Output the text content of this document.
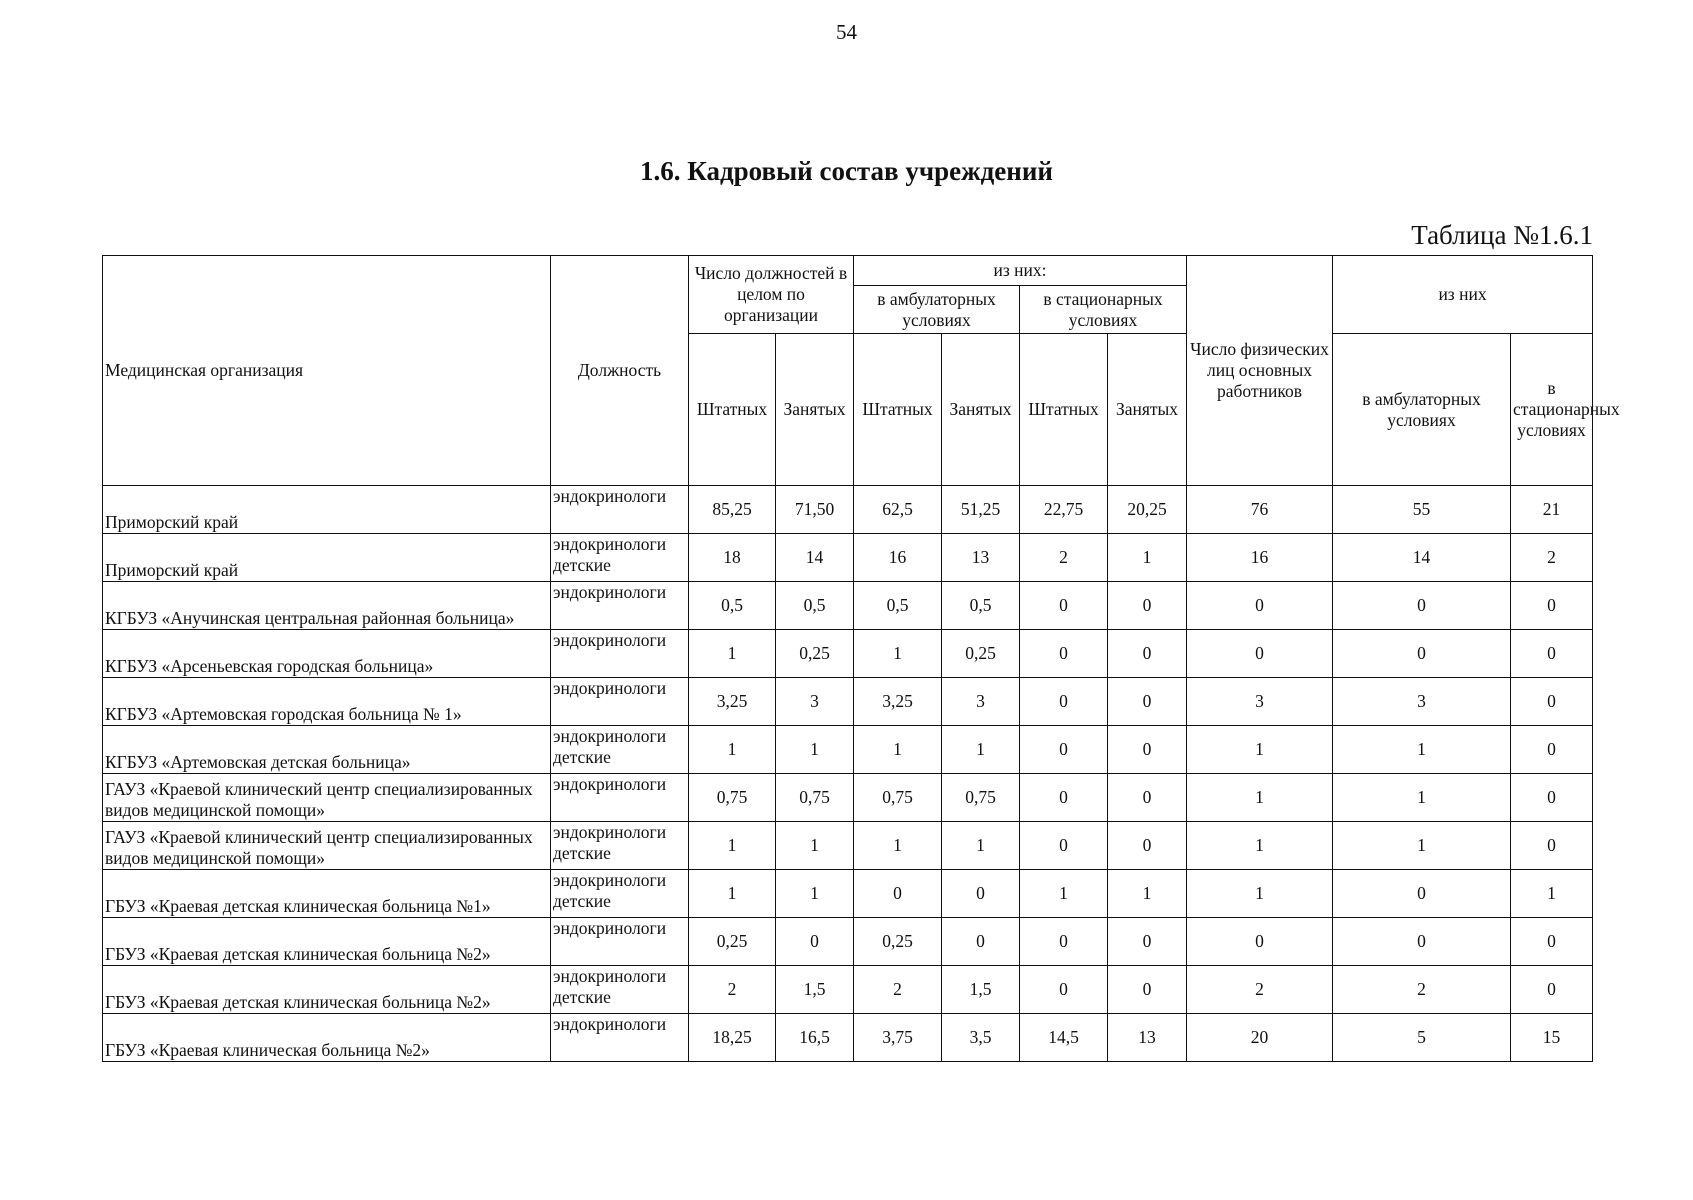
54
1.6. Кадровый состав учреждений
Таблица №1.6.1
Медицинская организация	Должность	Число должностей в целом по организации		из них:				Число физических лиц основных работников	из них	
				в амбулаторных условиях		в стационарных условиях				
		Штатных	Занятых	Штатных	Занятых	Штатных	Занятых		в амбулаторных условиях	в стационарных условиях
Приморский край	эндокринологи	85,25	71,50	62,5	51,25	22,75	20,25	76	55	21
Приморский край	эндокринологи детские	18	14	16	13	2	1	16	14	2
КГБУЗ «Анучинская центральная районная больница»	эндокринологи	0,5	0,5	0,5	0,5	0	0	0	0	0
КГБУЗ «Арсеньевская городская больница»	эндокринологи	1	0,25	1	0,25	0	0	0	0	0
КГБУЗ «Артемовская городская больница № 1»	эндокринологи	3,25	3	3,25	3	0	0	3	3	0
КГБУЗ «Артемовская детская больница»	эндокринологи детские	1	1	1	1	0	0	1	1	0
ГАУЗ «Краевой клинический центр специализированных видов медицинской помощи»	эндокринологи	0,75	0,75	0,75	0,75	0	0	1	1	0
ГАУЗ «Краевой клинический центр специализированных видов медицинской помощи»	эндокринологи детские	1	1	1	1	0	0	1	1	0
ГБУЗ «Краевая детская клиническая больница №1»	эндокринологи детские	1	1	0	0	1	1	1	0	1
ГБУЗ «Краевая детская клиническая больница №2»	эндокринологи	0,25	0	0,25	0	0	0	0	0	0
ГБУЗ «Краевая детская клиническая больница №2»	эндокринологи детские	2	1,5	2	1,5	0	0	2	2	0
ГБУЗ «Краевая клиническая больница №2»	эндокринологи	18,25	16,5	3,75	3,5	14,5	13	20	5	15
